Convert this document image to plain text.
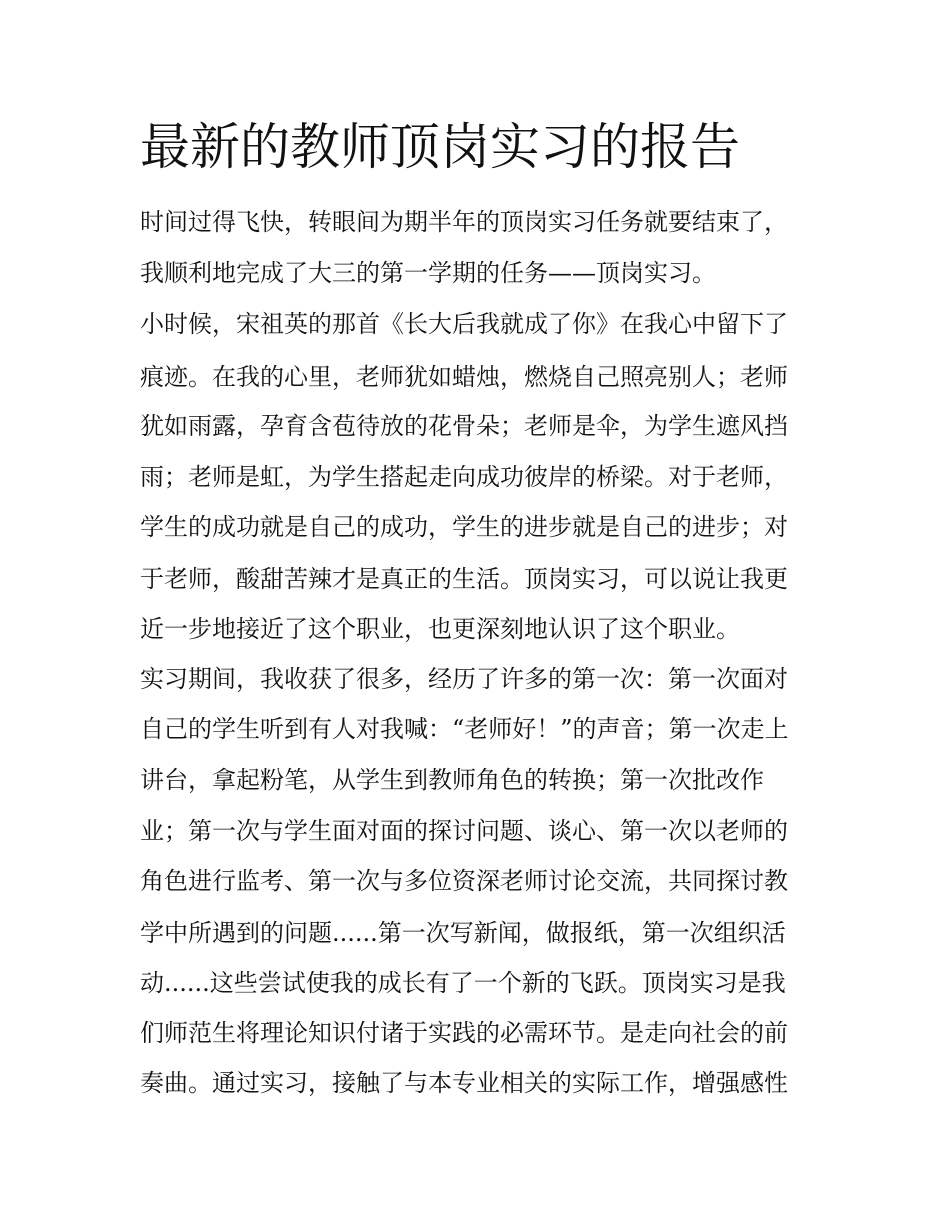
最新的教师顶岗实习的报告

时间过得飞快，转眼间为期半年的顶岗实习任务就要结束了，

我顺利地完成了大三的第一学期的任务——顶岗实习。

小时候，宋祖英的那首《长大后我就成了你》在我心中留下了

痕迹。在我的心里，老师犹如蜡烛，燃烧自己照亮别人；老师

犹如雨露，孕育含苞待放的花骨朵；老师是伞，为学生遮风挡

雨；老师是虹，为学生搭起走向成功彼岸的桥梁。对于老师，

学生的成功就是自己的成功，学生的进步就是自己的进步；对

于老师，酸甜苦辣才是真正的生活。顶岗实习，可以说让我更

近一步地接近了这个职业，也更深刻地认识了这个职业。

实习期间，我收获了很多，经历了许多的第一次：第一次面对

自己的学生听到有人对我喊：“老师好！”的声音；第一次走上

讲台，拿起粉笔，从学生到教师角色的转换；第一次批改作

业；第一次与学生面对面的探讨问题、谈心、第一次以老师的

角色进行监考、第一次与多位资深老师讨论交流，共同探讨教

学中所遇到的问题......第一次写新闻，做报纸，第一次组织活

动......这些尝试使我的成长有了一个新的飞跃。顶岗实习是我

们师范生将理论知识付诸于实践的必需环节。是走向社会的前

奏曲。通过实习，接触了与本专业相关的实际工作，增强感性
